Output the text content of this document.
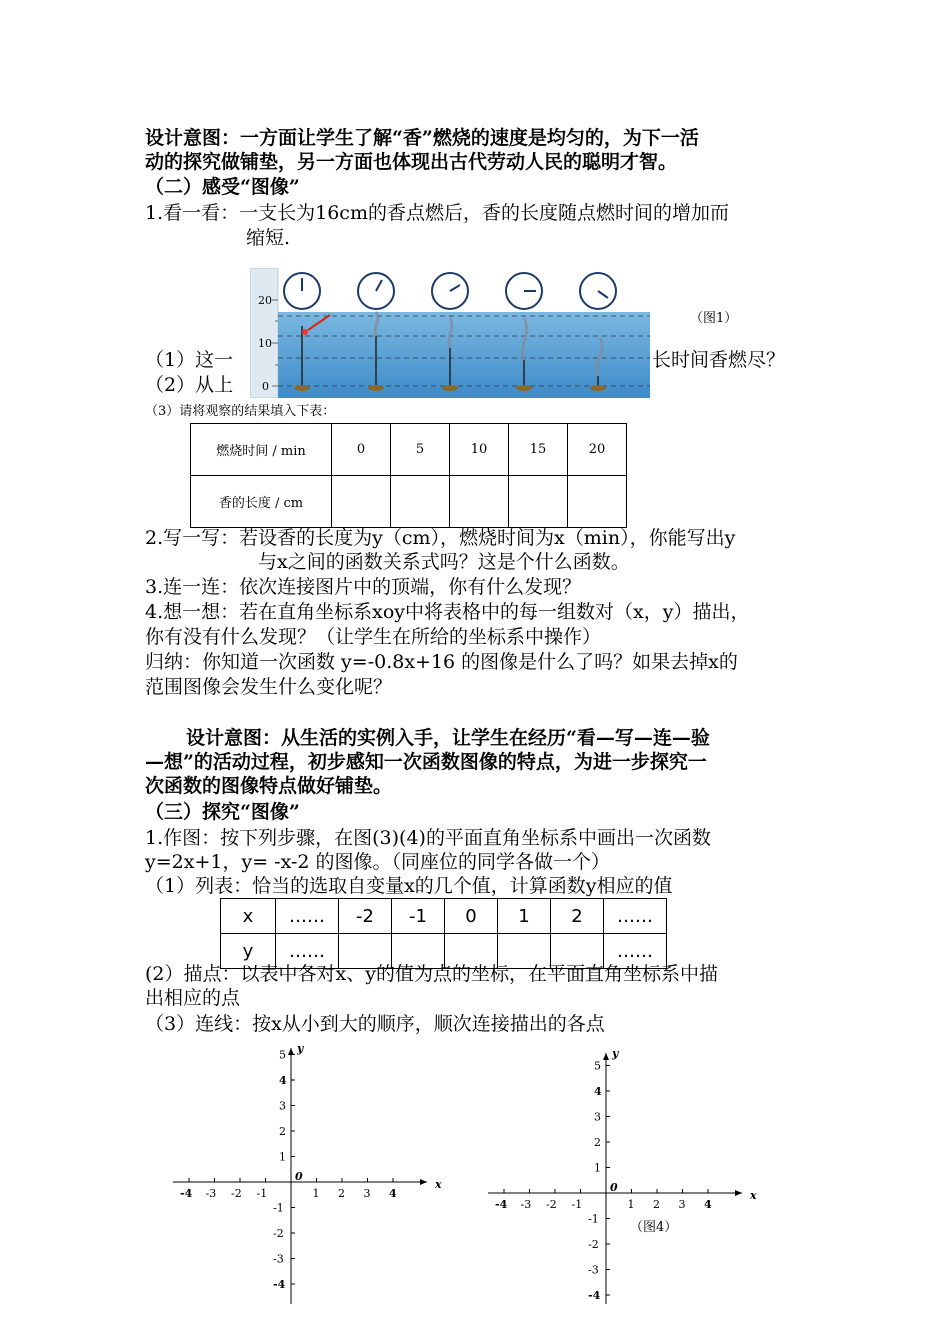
设计意图：一方面让学生了解“香”燃烧的速度是均匀的，为下一活
动的探究做铺垫，另一方面也体现出古代劳动人民的聪明才智。
（二）感受“图像”
1.看一看：一支长为16cm的香点燃后，香的长度随点燃时间的增加而
缩短.
20
10
0
（图1）
（1）这一	长时间香燃尽？
（2）从上
（3）请将观察的结果填入下表：
燃烧时间 / min	0	5	10	15	20
香的长度 / cm					
2.写一写：若设香的长度为y（cm），燃烧时间为x（min），你能写出y
与x之间的函数关系式吗？这是个什么函数。
3.连一连：依次连接图片中的顶端，你有什么发现？
4.想一想：若在直角坐标系xoy中将表格中的每一组数对（x，y）描出，
你有没有什么发现？（让学生在所给的坐标系中操作）
归纳：你知道一次函数 y=-0.8x+16 的图像是什么了吗？如果去掉x的
范围图像会发生什么变化呢？
设计意图：从生活的实例入手，让学生在经历“看—写—连—验
—想”的活动过程，初步感知一次函数图像的特点，为进一步探究一
次函数的图像特点做好铺垫。
（三）探究“图像”
1.作图：按下列步骤，在图(3)(4)的平面直角坐标系中画出一次函数
y=2x+1，y= -x-2 的图像。（同座位的同学各做一个）
（1）列表：恰当的选取自变量x的几个值，计算函数y相应的值
x	……	-2	-1	0	1	2	……
y	……						……
(2）描点：以表中各对x、y的值为点的坐标，在平面直角坐标系中描
出相应的点
（3）连线：按x从小到大的顺序，顺次连接描出的各点
x
y
0
-4 -3 -2 -1	1 2 3 4
5
4
3
2
1
-1
-2
-3
-4
x
y
0
-4 -3 -2 -1	1 2 3 4
5
4
3
2
1
-1
-2
-3
-4
（图4）
